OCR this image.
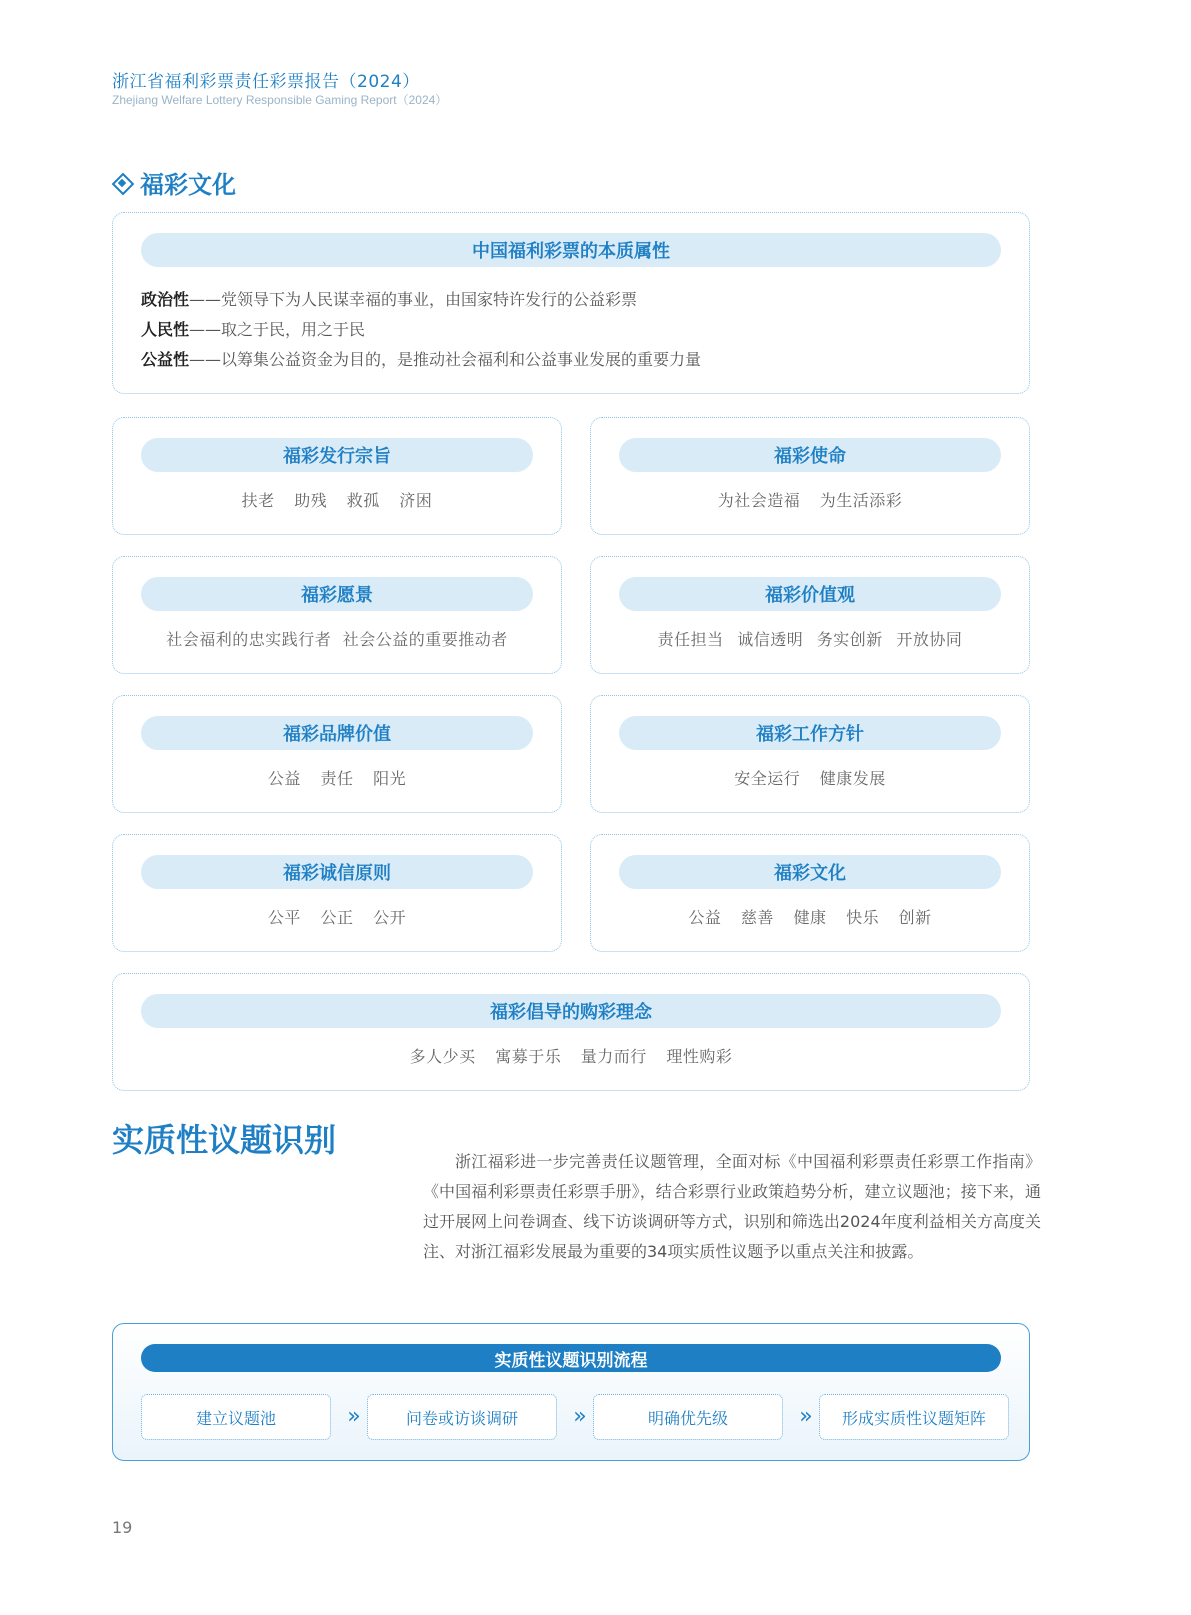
浙江省福利彩票责任彩票报告（2024）
Zhejiang Welfare Lottery Responsible Gaming Report（2024）
福彩文化
中国福利彩票的本质属性
政治性——党领导下为人民谋幸福的事业，由国家特许发行的公益彩票
人民性——取之于民，用之于民
公益性——以筹集公益资金为目的，是推动社会福利和公益事业发展的重要力量
福彩发行宗旨
扶老 助残 救孤 济困
福彩使命
为社会造福 为生活添彩
福彩愿景
社会福利的忠实践行者 社会公益的重要推动者
福彩价值观
责任担当 诚信透明 务实创新 开放协同
福彩品牌价值
公益 责任 阳光
福彩工作方针
安全运行 健康发展
福彩诚信原则
公平 公正 公开
福彩文化
公益 慈善 健康 快乐 创新
福彩倡导的购彩理念
多人少买 寓募于乐 量力而行 理性购彩
实质性议题识别
浙江福彩进一步完善责任议题管理，全面对标《中国福利彩票责任彩票工作指南》《中国福利彩票责任彩票手册》，结合彩票行业政策趋势分析，建立议题池；接下来，通过开展网上问卷调查、线下访谈调研等方式，识别和筛选出2024年度利益相关方高度关注、对浙江福彩发展最为重要的34项实质性议题予以重点关注和披露。
实质性议题识别流程
建立议题池	»	问卷或访谈调研	»	明确优先级	»	形成实质性议题矩阵
19
